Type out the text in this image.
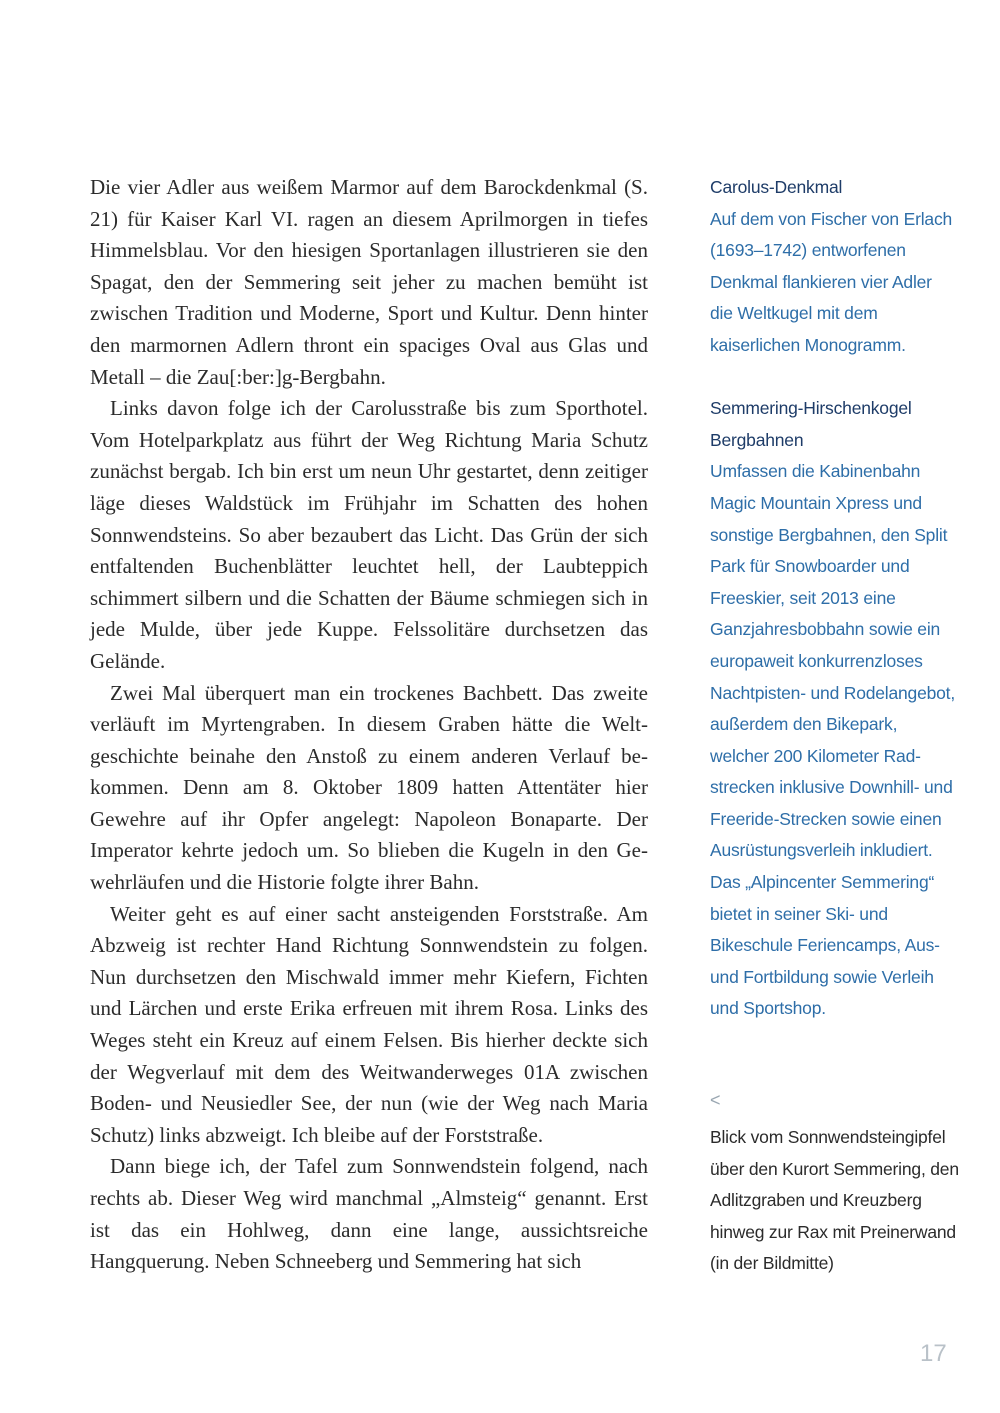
Die vier Adler aus weißem Marmor auf dem Barockdenkmal (S. 21) für Kaiser Karl VI. ragen an diesem Aprilmorgen in tiefes Himmelsblau. Vor den hiesigen Sportanlagen illustrieren sie den Spagat, den der Semmering seit jeher zu machen bemüht ist zwischen Tradition und Moderne, Sport und Kultur. Denn hinter den marmornen Adlern thront ein spaciges Oval aus Glas und Metall – die Zau[:ber:]g-Bergbahn.

Links davon folge ich der Carolusstraße bis zum Sporthotel. Vom Hotelparkplatz aus führt der Weg Richtung Maria Schutz zunächst bergab. Ich bin erst um neun Uhr gestartet, denn zeitiger läge dieses Waldstück im Frühjahr im Schatten des hohen Sonnwendsteins. So aber bezaubert das Licht. Das Grün der sich entfaltenden Buchenblätter leuchtet hell, der Laubteppich schimmert silbern und die Schatten der Bäume schmiegen sich in jede Mulde, über jede Kuppe. Felssolitäre durchsetzen das Gelände.

Zwei Mal überquert man ein trockenes Bachbett. Das zweite verläuft im Myrtengraben. In diesem Graben hätte die Weltgeschichte beinahe den Anstoß zu einem anderen Verlauf bekommen. Denn am 8. Oktober 1809 hatten Attentäter hier Gewehre auf ihr Opfer angelegt: Napoleon Bonaparte. Der Imperator kehrte jedoch um. So blieben die Kugeln in den Gewehrläufen und die Historie folgte ihrer Bahn.

Weiter geht es auf einer sacht ansteigenden Forststraße. Am Abzweig ist rechter Hand Richtung Sonnwendstein zu folgen. Nun durchsetzen den Mischwald immer mehr Kiefern, Fichten und Lärchen und erste Erika erfreuen mit ihrem Rosa. Links des Weges steht ein Kreuz auf einem Felsen. Bis hierher deckte sich der Wegverlauf mit dem des Weitwanderweges 01A zwischen Boden- und Neusiedler See, der nun (wie der Weg nach Maria Schutz) links abzweigt. Ich bleibe auf der Forststraße.

Dann biege ich, der Tafel zum Sonnwendstein folgend, nach rechts ab. Dieser Weg wird manchmal „Almsteig“ genannt. Erst ist das ein Hohlweg, dann eine lange, aussichtsreiche Hangquerung. Neben Schneeberg und Semmering hat sich

Carolus-Denkmal

Auf dem von Fischer von Erlach (1693–1742) entworfenen Denkmal flankieren vier Adler die Weltkugel mit dem kaiserlichen Monogramm.

Semmering-Hirschenkogel Bergbahnen

Umfassen die Kabinenbahn Magic Mountain Xpress und sonstige Bergbahnen, den Split Park für Snowboarder und Freeskier, seit 2013 eine Ganzjahresbobbahn sowie ein europaweit konkurrenzloses Nachtpisten- und Rodelangebot, außerdem den Bikepark, welcher 200 Kilometer Radstrecken inklusive Downhill- und Freeride-Strecken sowie einen Ausrüstungsverleih inkludiert. Das „Alpincenter Semmering“ bietet in seiner Ski- und Bikeschule Feriencamps, Aus- und Fortbildung sowie Verleih und Sportshop.

<
Blick vom Sonnwendsteingipfel über den Kurort Semmering, den Adlitzgraben und Kreuzberg hinweg zur Rax mit Preinerwand (in der Bildmitte)
17
